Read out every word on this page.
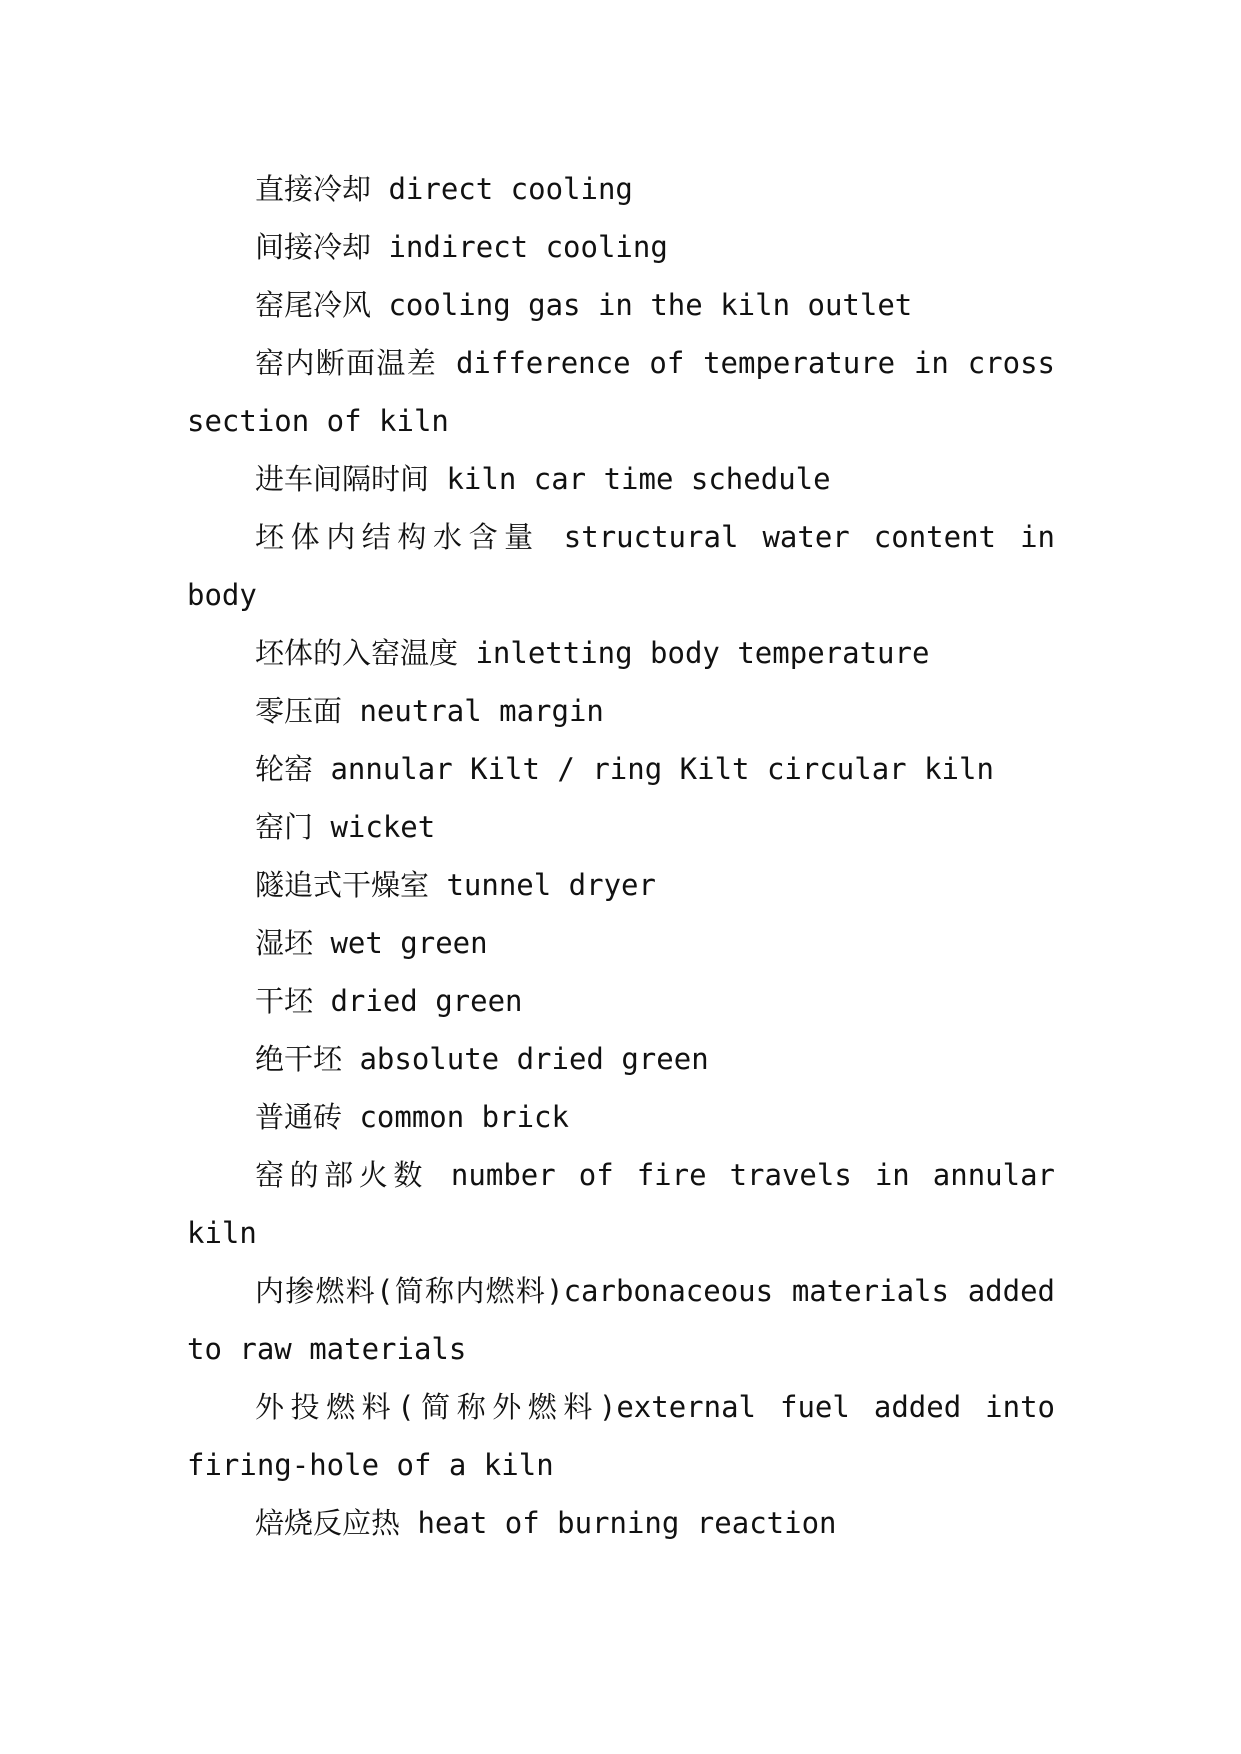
直接冷却 direct cooling

间接冷却 indirect cooling

窑尾冷风 cooling gas in the kiln outlet

窑内断面温差 difference of temperature in cross section of kiln

进车间隔时间 kiln car time schedule

坯体内结构水含量 structural water content in body

坯体的入窑温度 inletting body temperature

零压面 neutral margin

轮窑 annular Kilt / ring Kilt circular kiln

窑门 wicket

隧追式干燥室 tunnel dryer

湿坯 wet green

干坯 dried green

绝干坯 absolute dried green

普通砖 common brick

窑的部火数 number of fire travels in annular kiln

内掺燃料(简称内燃料)carbonaceous materials added to raw materials

外投燃料(简称外燃料)external fuel added into firing-hole of a kiln

焙烧反应热 heat of burning reaction
